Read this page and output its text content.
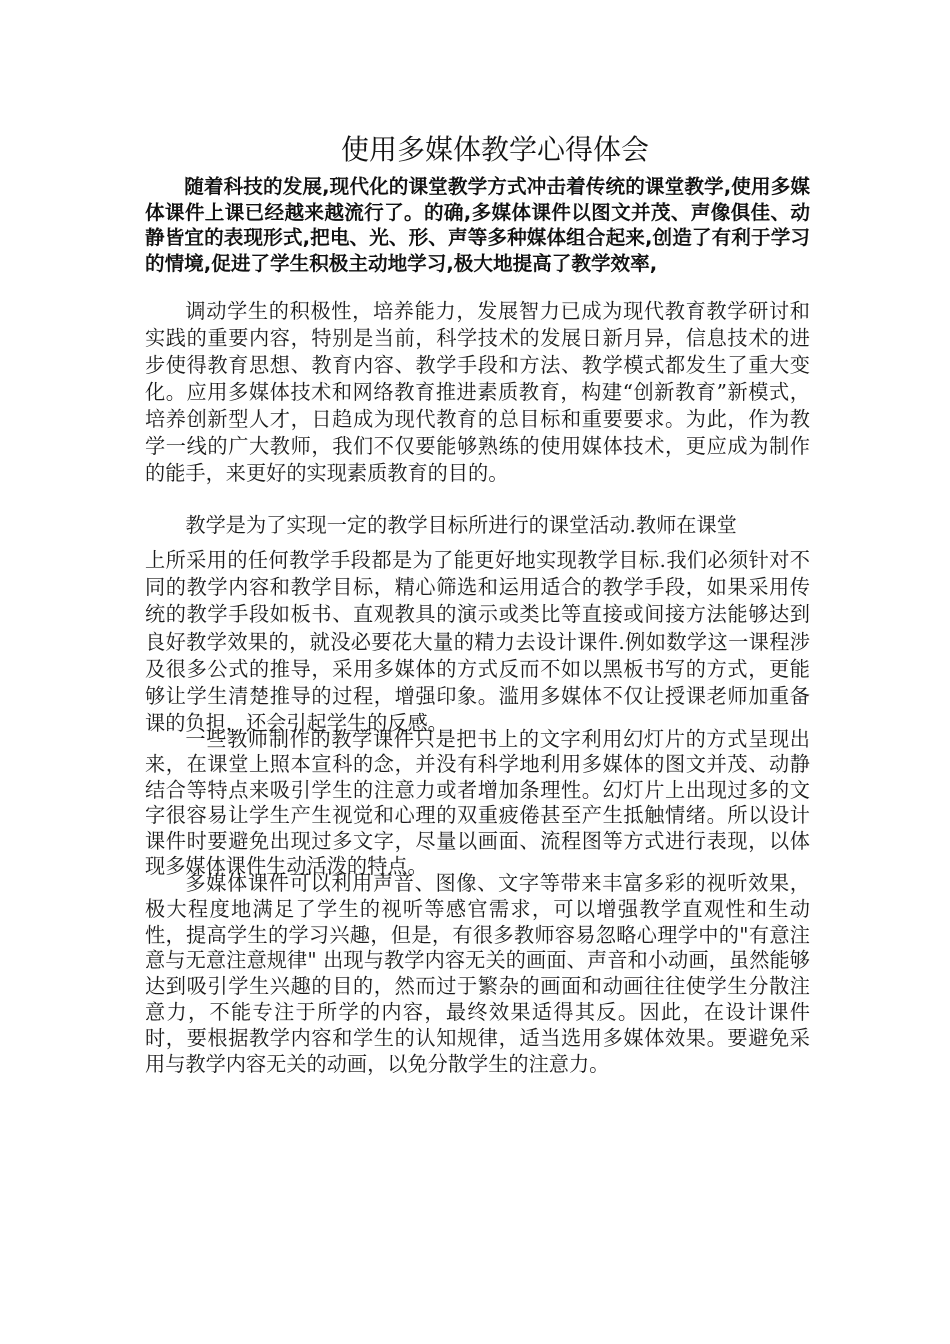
使用多媒体教学心得体会

随着科技的发展,现代化的课堂教学方式冲击着传统的课堂教学,使用多媒体课件上课已经越来越流行了。的确,多媒体课件以图文并茂、声像俱佳、动静皆宜的表现形式,把电、光、形、声等多种媒体组合起来,创造了有利于学习的情境,促进了学生积极主动地学习,极大地提高了教学效率,

调动学生的积极性，培养能力，发展智力已成为现代教育教学研讨和实践的重要内容，特别是当前，科学技术的发展日新月异，信息技术的进步使得教育思想、教育内容、教学手段和方法、教学模式都发生了重大变化。应用多媒体技术和网络教育推进素质教育，构建“创新教育”新模式，培养创新型人才，日趋成为现代教育的总目标和重要要求。为此，作为教学一线的广大教师，我们不仅要能够熟练的使用媒体技术，更应成为制作的能手，来更好的实现素质教育的目的。

教学是为了实现一定的教学目标所进行的课堂活动.教师在课堂

上所采用的任何教学手段都是为了能更好地实现教学目标.我们必须针对不同的教学内容和教学目标，精心筛选和运用适合的教学手段，如果采用传统的教学手段如板书、直观教具的演示或类比等直接或间接方法能够达到良好教学效果的，就没必要花大量的精力去设计课件.例如数学这一课程涉及很多公式的推导，采用多媒体的方式反而不如以黑板书写的方式，更能够让学生清楚推导的过程，增强印象。滥用多媒体不仅让授课老师加重备课的负担，还会引起学生的反感。

一些教师制作的教学课件只是把书上的文字利用幻灯片的方式呈现出来，在课堂上照本宣科的念，并没有科学地利用多媒体的图文并茂、动静结合等特点来吸引学生的注意力或者增加条理性。幻灯片上出现过多的文字很容易让学生产生视觉和心理的双重疲倦甚至产生抵触情绪。所以设计课件时要避免出现过多文字，尽量以画面、流程图等方式进行表现，以体现多媒体课件生动活泼的特点。

多媒体课件可以利用声音、图像、文字等带来丰富多彩的视听效果，极大程度地满足了学生的视听等感官需求，可以增强教学直观性和生动性，提高学生的学习兴趣，但是，有很多教师容易忽略心理学中的"有意注意与无意注意规律" 出现与教学内容无关的画面、声音和小动画，虽然能够达到吸引学生兴趣的目的，然而过于繁杂的画面和动画往往使学生分散注意力，不能专注于所学的内容，最终效果适得其反。因此，在设计课件时，要根据教学内容和学生的认知规律，适当选用多媒体效果。要避免采用与教学内容无关的动画，以免分散学生的注意力。
